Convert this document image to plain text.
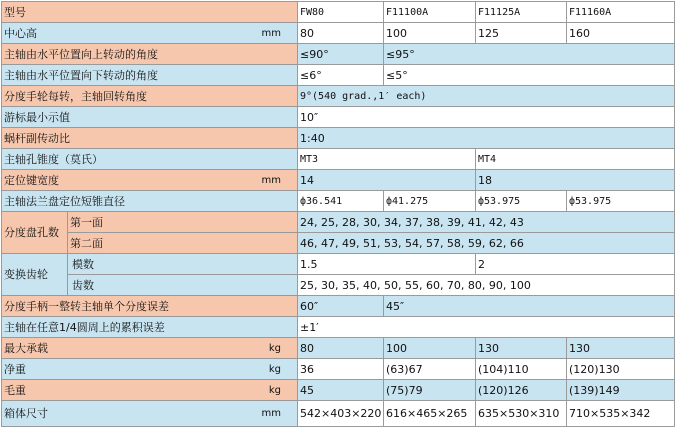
型号		FW80	F11100A	F11125A	F11160A
中心高 mm		80	100	125	160
主轴由水平位置向上转动的角度		≤90°	≤95°		
主轴由水平位置向下转动的角度		≤6°	≤5°		
分度手轮每转，主轴回转角度		9°(540 grad.,1′ each)			
游标最小示值		10″			
蜗杆副传动比		1:40			
主轴孔锥度（莫氏）		MT3		MT4	
定位键宽度 mm		14		18	
主轴法兰盘定位短锥直径		ф36.541	ф41.275	ф53.975	ф53.975
分度盘孔数	第一面	24, 25, 28, 30, 34, 37, 38, 39, 41, 42, 43			
	第二面	46, 47, 49, 51, 53, 54, 57, 58, 59, 62, 66			
变换齿轮	模数	1.5		2	
	齿数	25, 30, 35, 40, 50, 55, 60, 70, 80, 90, 100			
分度手柄一整转主轴单个分度误差		60″	45″		
主轴在任意1/4圆周上的累积误差		±1′			
最大承载 kg		80	100	130	130
净重 kg		36	(63)67	(104)110	(120)130
毛重 kg		45	(75)79	(120)126	(139)149
箱体尺寸 mm		542×403×220	616×465×265	635×530×310	710×535×342
